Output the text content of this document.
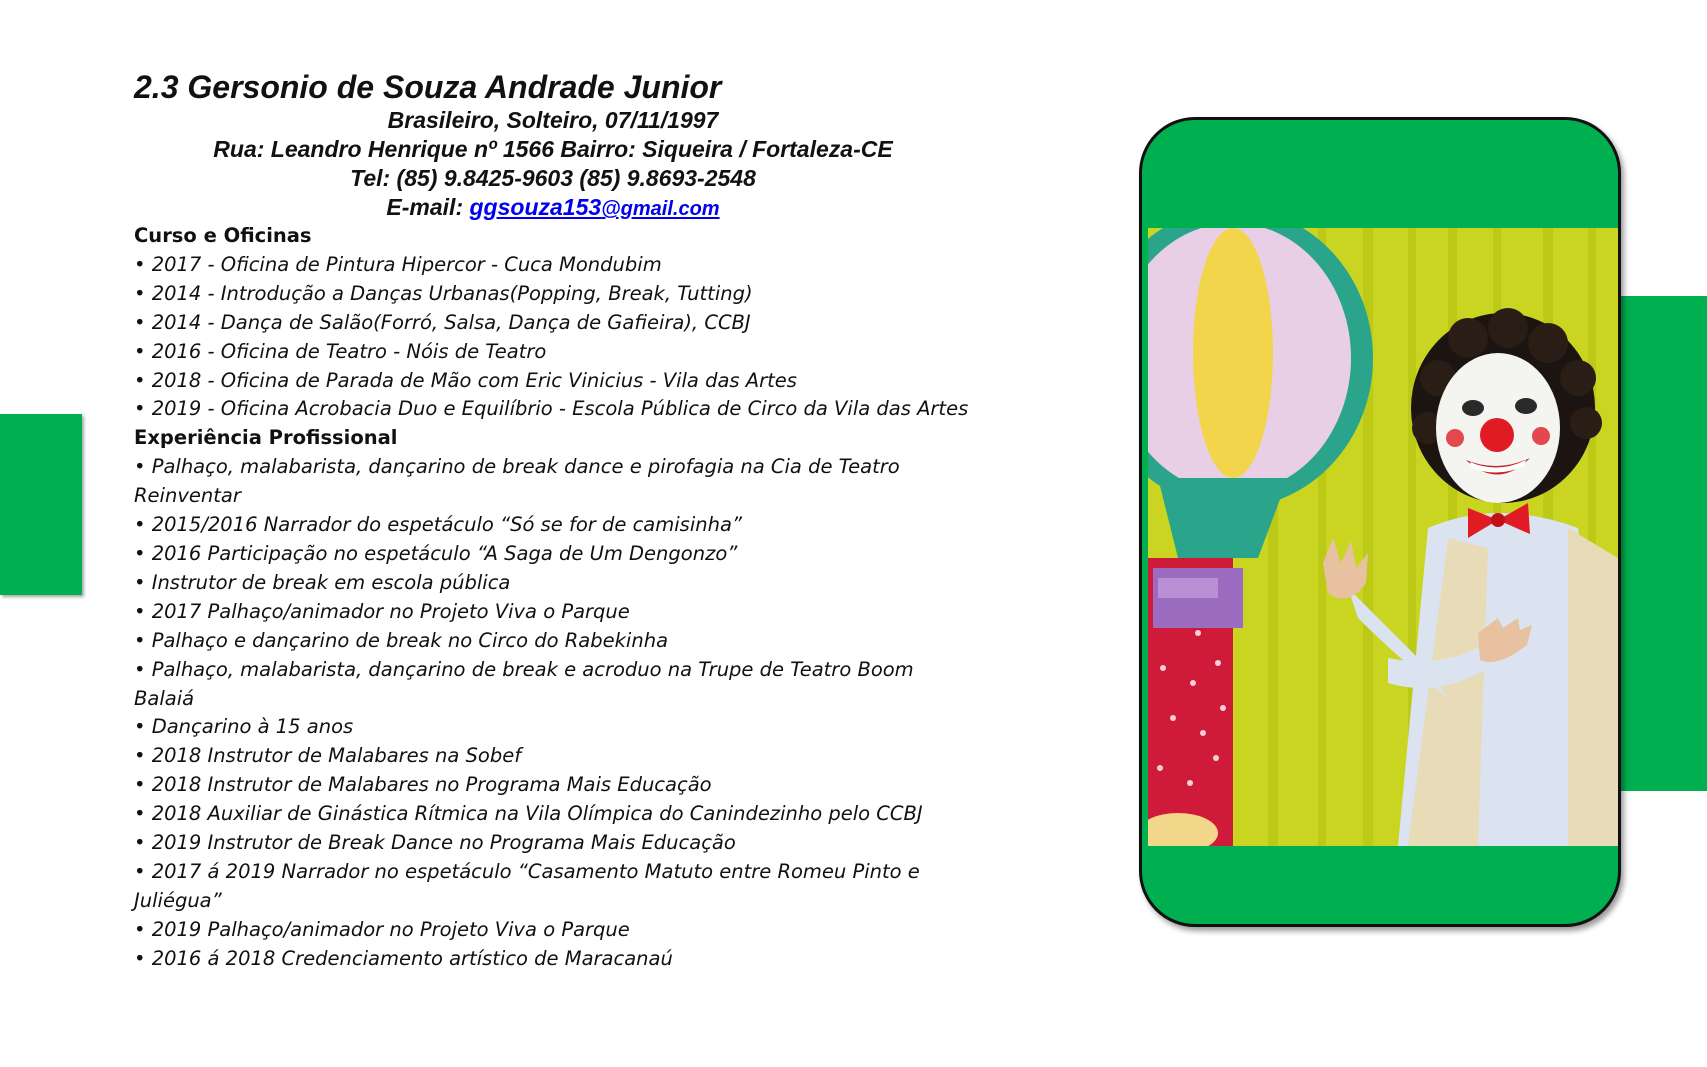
2.3 Gersonio de Souza Andrade Junior
Brasileiro, Solteiro, 07/11/1997
Rua: Leandro Henrique nº 1566 Bairro: Siqueira / Fortaleza-CE
Tel: (85) 9.8425-9603 (85) 9.8693-2548
E-mail: ggsouza153@gmail.com
Curso e Oficinas
• 2017 - Oficina de Pintura Hipercor - Cuca Mondubim
• 2014 - Introdução a Danças Urbanas(Popping, Break, Tutting)
• 2014 - Dança de Salão(Forró, Salsa, Dança de Gafieira), CCBJ
• 2016 - Oficina de Teatro - Nóis de Teatro
• 2018 - Oficina de Parada de Mão com Eric Vinicius - Vila das Artes
• 2019 - Oficina Acrobacia Duo e Equilíbrio - Escola Pública de Circo da Vila das Artes
Experiência Profissional
• Palhaço, malabarista, dançarino de break dance e pirofagia na Cia de Teatro Reinventar
• 2015/2016 Narrador do espetáculo “Só se for de camisinha”
• 2016 Participação no espetáculo “A Saga de Um Dengonzo”
• Instrutor de break em escola pública
• 2017 Palhaço/animador no Projeto Viva o Parque
• Palhaço e dançarino de break no Circo do Rabekinha
• Palhaço, malabarista, dançarino de break e acroduo na Trupe de Teatro Boom Balaiá
• Dançarino à 15 anos
• 2018 Instrutor de Malabares na Sobef
• 2018 Instrutor de Malabares no Programa Mais Educação
• 2018 Auxiliar de Ginástica Rítmica na Vila Olímpica do Canindezinho pelo CCBJ
• 2019 Instrutor de Break Dance no Programa Mais Educação
• 2017 á 2019 Narrador no espetáculo “Casamento Matuto entre Romeu Pinto e Juliégua”
• 2019 Palhaço/animador no Projeto Viva o Parque
• 2016 á 2018 Credenciamento artístico de Maracanaú
